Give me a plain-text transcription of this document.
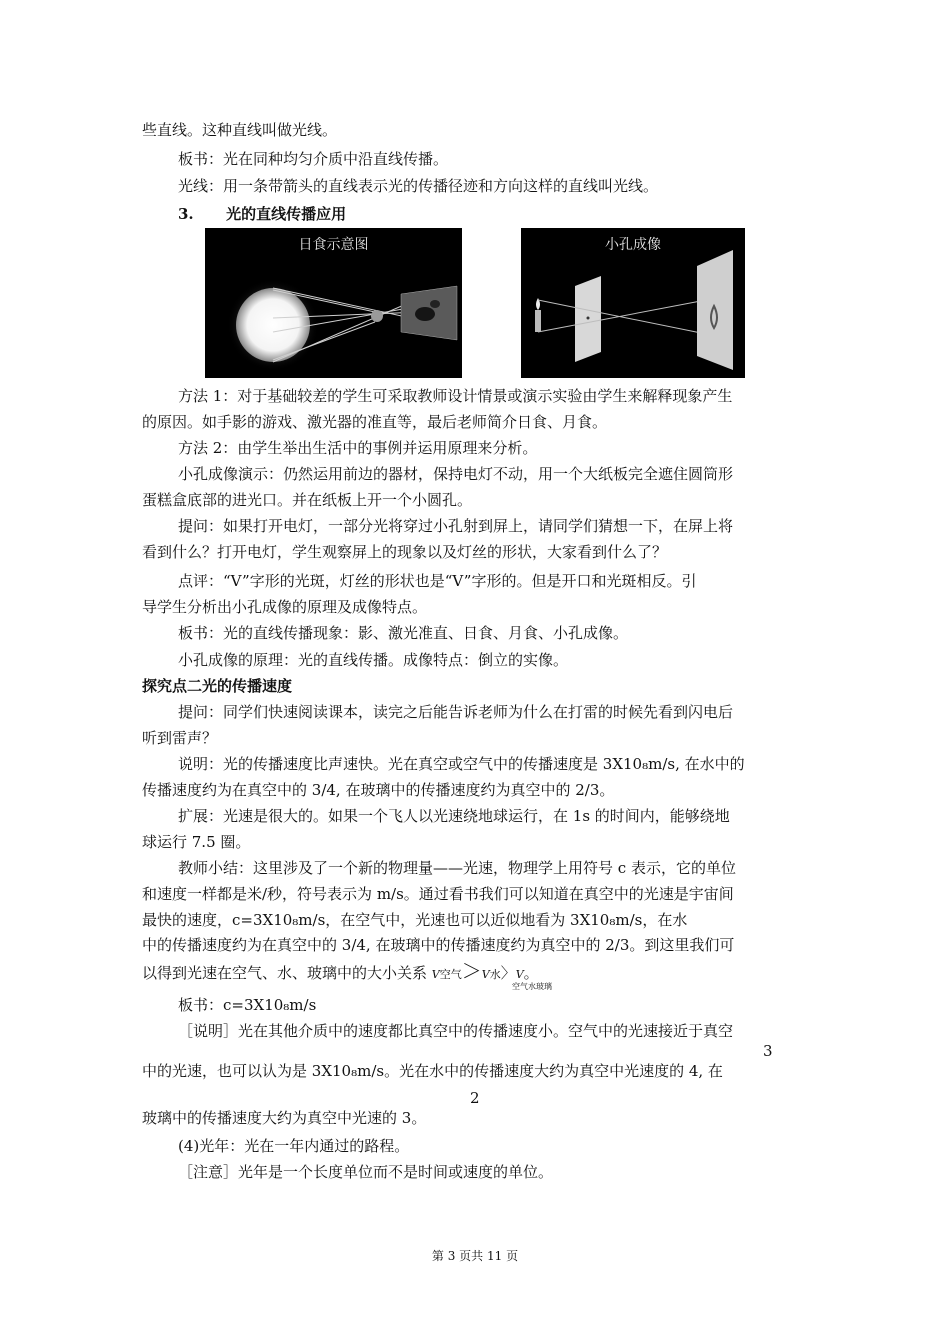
些直线。这种直线叫做光线。
板书：光在同种均匀介质中沿直线传播。
光线：用一条带箭头的直线表示光的传播径迹和方向这样的直线叫光线。
3. 光的直线传播应用
日食示意图	小孔成像
方法 1：对于基础较差的学生可采取教师设计情景或演示实验由学生来解释现象产生
的原因。如手影的游戏、激光器的准直等，最后老师简介日食、月食。
方法 2：由学生举出生活中的事例并运用原理来分析。
小孔成像演示：仍然运用前边的器材，保持电灯不动，用一个大纸板完全遮住圆筒形
蛋糕盒底部的进光口。并在纸板上开一个小圆孔。
提问：如果打开电灯，一部分光将穿过小孔射到屏上，请同学们猜想一下，在屏上将
看到什么？打开电灯，学生观察屏上的现象以及灯丝的形状，大家看到什么了？
点评：“V”字形的光斑，灯丝的形状也是“V”字形的。但是开口和光斑相反。引
导学生分析出小孔成像的原理及成像特点。
板书：光的直线传播现象：影、激光准直、日食、月食、小孔成像。
小孔成像的原理：光的直线传播。成像特点：倒立的实像。
探究点二光的传播速度
提问：同学们快速阅读课本，读完之后能告诉老师为什么在打雷的时候先看到闪电后
听到雷声？
说明：光的传播速度比声速快。光在真空或空气中的传播速度是 3X10₈m/s, 在水中的
传播速度约为在真空中的 3/4, 在玻璃中的传播速度约为真空中的 2/3。
扩展：光速是很大的。如果一个飞人以光速绕地球运行，在 1s 的时间内，能够绕地
球运行 7.5 圈。
教师小结：这里涉及了一个新的物理量——光速，物理学上用符号 c 表示，它的单位
和速度一样都是米/秒，符号表示为 m/s。通过看书我们可以知道在真空中的光速是宇宙间
最快的速度，c=3X10₈m/s，在空气中，光速也可以近似地看为 3X10₈m/s，在水
中的传播速度约为在真空中的 3/4, 在玻璃中的传播速度约为真空中的 2/3。到这里我们可
以得到光速在空气、水、玻璃中的大小关系 V空气＞V水〉V。
空气水玻璃
板书：c=3X10₈m/s
［说明］光在其他介质中的速度都比真空中的传播速度小。空气中的光速接近于真空
3
中的光速，也可以认为是 3X10₈m/s。光在水中的传播速度大约为真空中光速度的 4, 在
2
玻璃中的传播速度大约为真空中光速的 3。
(4)光年：光在一年内通过的路程。
［注意］光年是一个长度单位而不是时间或速度的单位。
第 3 页共 11 页
